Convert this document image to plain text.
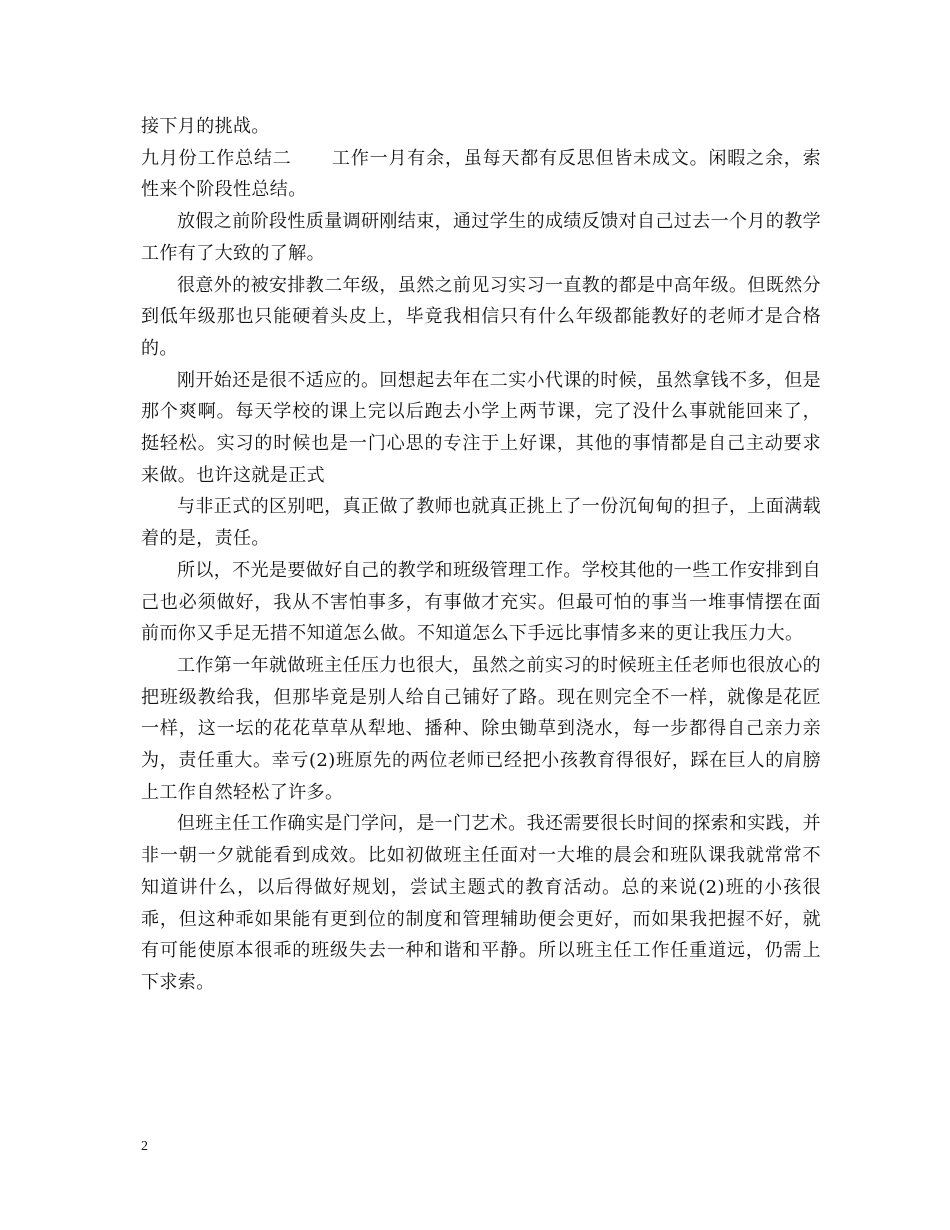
接下月的挑战。

九月份工作总结二 工作一月有余，虽每天都有反思但皆未成文。闲暇之余，索性来个阶段性总结。

放假之前阶段性质量调研刚结束，通过学生的成绩反馈对自己过去一个月的教学工作有了大致的了解。

很意外的被安排教二年级，虽然之前见习实习一直教的都是中高年级。但既然分到低年级那也只能硬着头皮上，毕竟我相信只有什么年级都能教好的老师才是合格的。

刚开始还是很不适应的。回想起去年在二实小代课的时候，虽然拿钱不多，但是那个爽啊。每天学校的课上完以后跑去小学上两节课，完了没什么事就能回来了，挺轻松。实习的时候也是一门心思的专注于上好课，其他的事情都是自己主动要求来做。也许这就是正式

与非正式的区别吧，真正做了教师也就真正挑上了一份沉甸甸的担子，上面满载着的是，责任。

所以，不光是要做好自己的教学和班级管理工作。学校其他的一些工作安排到自己也必须做好，我从不害怕事多，有事做才充实。但最可怕的事当一堆事情摆在面前而你又手足无措不知道怎么做。不知道怎么下手远比事情多来的更让我压力大。

工作第一年就做班主任压力也很大，虽然之前实习的时候班主任老师也很放心的把班级教给我，但那毕竟是别人给自己铺好了路。现在则完全不一样，就像是花匠一样，这一坛的花花草草从犁地、播种、除虫锄草到浇水，每一步都得自己亲力亲为，责任重大。幸亏(2)班原先的两位老师已经把小孩教育得很好，踩在巨人的肩膀上工作自然轻松了许多。

但班主任工作确实是门学问，是一门艺术。我还需要很长时间的探索和实践，并非一朝一夕就能看到成效。比如初做班主任面对一大堆的晨会和班队课我就常常不知道讲什么，以后得做好规划，尝试主题式的教育活动。总的来说(2)班的小孩很乖，但这种乖如果能有更到位的制度和管理辅助便会更好，而如果我把握不好，就有可能使原本很乖的班级失去一种和谐和平静。所以班主任工作任重道远，仍需上下求索。

2
